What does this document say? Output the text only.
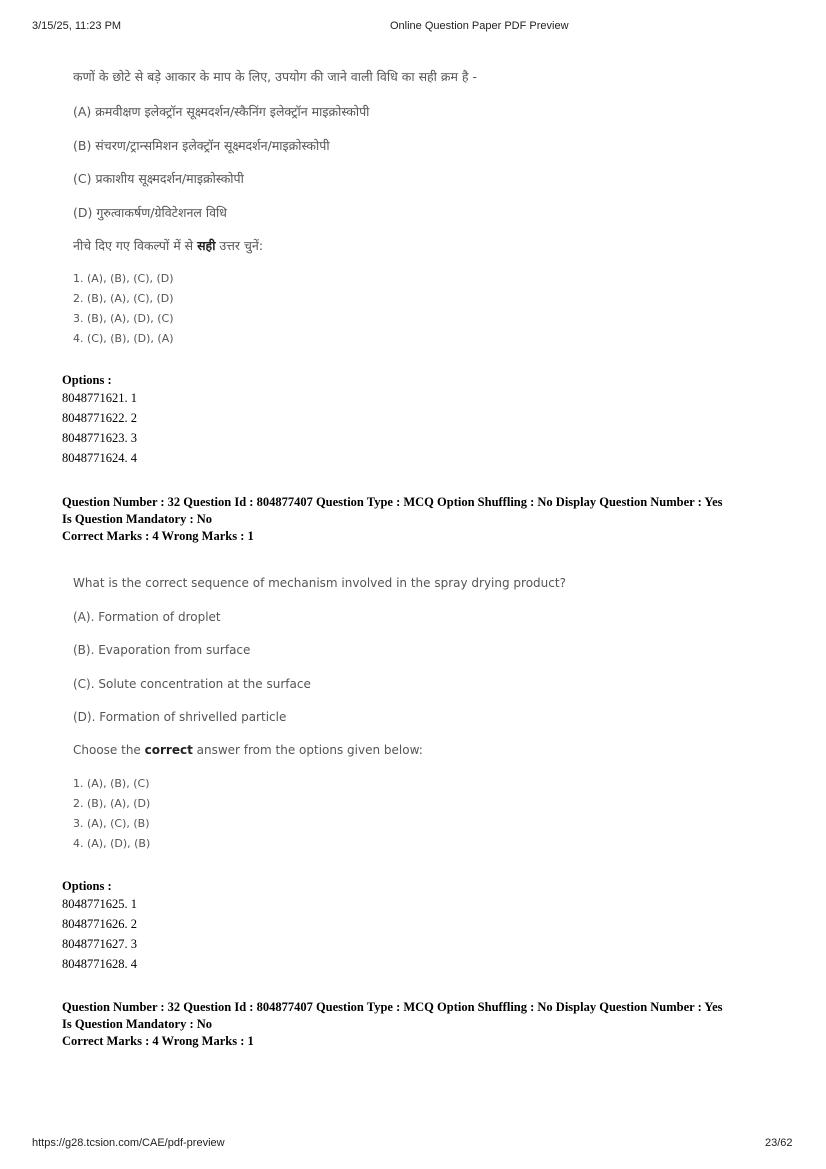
3/15/25, 11:23 PM	Online Question Paper PDF Preview
कणों के छोटे से बड़े आकार के माप के लिए, उपयोग की जाने वाली विधि का सही क्रम है -
(A) क्रमवीक्षण इलेक्ट्रॉन सूक्ष्मदर्शन/स्कैनिंग इलेक्ट्रॉन माइक्रोस्कोपी
(B) संचरण/ट्रान्समिशन इलेक्ट्रॉन सूक्ष्मदर्शन/माइक्रोस्कोपी
(C) प्रकाशीय सूक्ष्मदर्शन/माइक्रोस्कोपी
(D) गुरुत्वाकर्षण/ग्रेविटेशनल विधि
नीचे दिए गए विकल्पों में से सही उत्तर चुनें:
1. (A), (B), (C), (D)
2. (B), (A), (C), (D)
3. (B), (A), (D), (C)
4. (C), (B), (D), (A)
Options :
8048771621. 1
8048771622. 2
8048771623. 3
8048771624. 4
Question Number : 32 Question Id : 804877407 Question Type : MCQ Option Shuffling : No Display Question Number : Yes
Is Question Mandatory : No
Correct Marks : 4 Wrong Marks : 1
What is the correct sequence of mechanism involved in the spray drying product?
(A). Formation of droplet
(B). Evaporation from surface
(C). Solute concentration at the surface
(D). Formation of shrivelled particle
Choose the correct answer from the options given below:
1. (A), (B), (C)
2. (B), (A), (D)
3. (A), (C), (B)
4. (A), (D), (B)
Options :
8048771625. 1
8048771626. 2
8048771627. 3
8048771628. 4
Question Number : 32 Question Id : 804877407 Question Type : MCQ Option Shuffling : No Display Question Number : Yes
Is Question Mandatory : No
Correct Marks : 4 Wrong Marks : 1
https://g28.tcsion.com/CAE/pdf-preview	23/62
